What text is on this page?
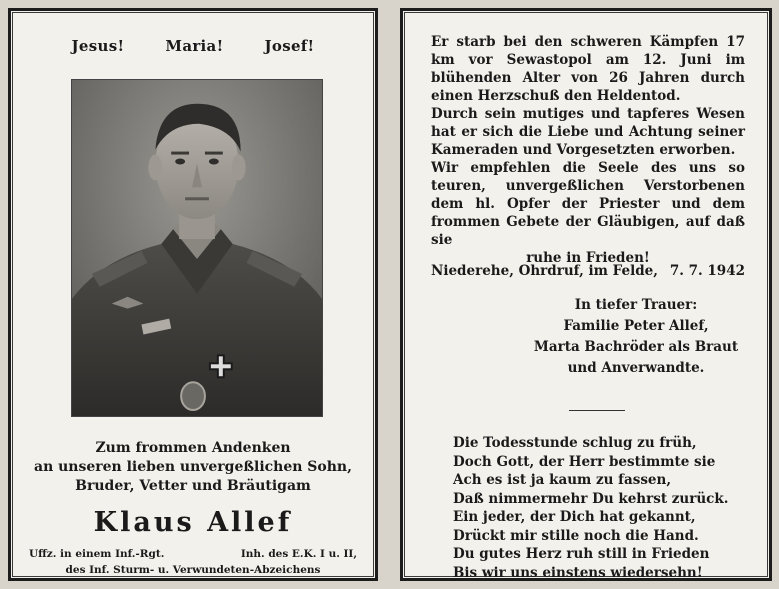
Jesus!	Maria!	Josef!
Zum frommen Andenken
an unseren lieben unvergeßlichen Sohn,
Bruder, Vetter und Bräutigam
Klaus Allef
Uffz. in einem Inf.-Rgt.	Inh. des E.K. I u. II,
des Inf. Sturm- u. Verwundeten-Abzeichens

Er starb bei den schweren Kämpfen 17 km vor Sewastopol am 12. Juni im blühenden Alter von 26 Jahren durch einen Herzschuß den Heldentod.

Durch sein mutiges und tapferes Wesen hat er sich die Liebe und Achtung seiner Kameraden und Vorgesetzten erworben.

Wir empfehlen die Seele des uns so teuren, unvergeßlichen Verstorbenen dem hl. Opfer der Priester und dem frommen Gebete der Gläubigen, auf daß sie

ruhe in Frieden!

Niederehe, Ohrdruf, im Felde, 7. 7. 1942
In tiefer Trauer:
Familie Peter Allef,
Marta Bachröder als Braut
und Anverwandte.
Die Todesstunde schlug zu früh,
Doch Gott, der Herr bestimmte sie
Ach es ist ja kaum zu fassen,
Daß nimmermehr Du kehrst zurück.
Ein jeder, der Dich hat gekannt,
Drückt mir stille noch die Hand.
Du gutes Herz ruh still in Frieden
Bis wir uns einstens wiedersehn!
